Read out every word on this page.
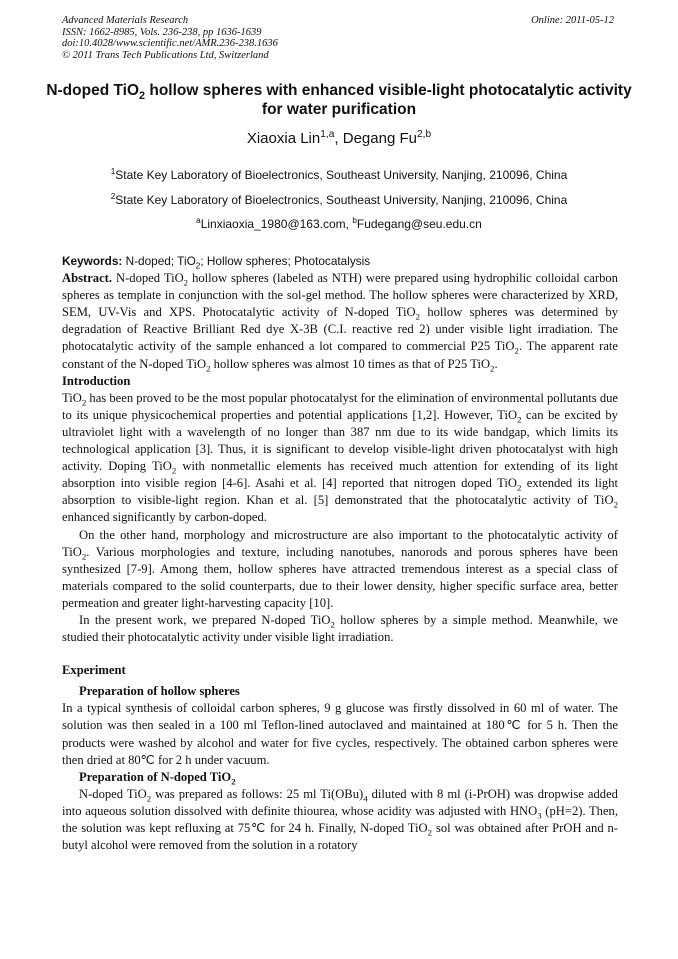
Advanced Materials Research
ISSN: 1662-8985, Vols. 236-238, pp 1636-1639
doi:10.4028/www.scientific.net/AMR.236-238.1636
© 2011 Trans Tech Publications Ltd, Switzerland
Online: 2011-05-12
N-doped TiO$_2$ hollow spheres with enhanced visible-light photocatalytic activity for water purification
Xiaoxia Lin$^{1,a}$, Degang Fu$^{2,b}$
$^1$State Key Laboratory of Bioelectronics, Southeast University, Nanjing, 210096, China
$^2$State Key Laboratory of Bioelectronics, Southeast University, Nanjing, 210096, China
$^a$Linxiaoxia_1980@163.com, $^b$Fudegang@seu.edu.cn

Keywords: N-doped; TiO$_2$; Hollow spheres; Photocatalysis

Abstract. N-doped TiO$_2$ hollow spheres (labeled as NTH) were prepared using hydrophilic colloidal carbon spheres as template in conjunction with the sol-gel method. The hollow spheres were characterized by XRD, SEM, UV-Vis and XPS. Photocatalytic activity of N-doped TiO$_2$ hollow spheres was determined by degradation of Reactive Brilliant Red dye X-3B (C.I. reactive red 2) under visible light irradiation. The photocatalytic activity of the sample enhanced a lot compared to commercial P25 TiO$_2$. The apparent rate constant of the N-doped TiO$_2$ hollow spheres was almost 10 times as that of P25 TiO$_2$.

Introduction

TiO$_2$ has been proved to be the most popular photocatalyst for the elimination of environmental pollutants due to its unique physicochemical properties and potential applications [1,2]. However, TiO$_2$ can be excited by ultraviolet light with a wavelength of no longer than 387 nm due to its wide bandgap, which limits its technological application [3]. Thus, it is significant to develop visible-light driven photocatalyst with high activity. Doping TiO$_2$ with nonmetallic elements has received much attention for extending of its light absorption into visible region [4-6]. Asahi et al. [4] reported that nitrogen doped TiO$_2$ extended its light absorption to visible-light region. Khan et al. [5] demonstrated that the photocatalytic activity of TiO$_2$ enhanced significantly by carbon-doped.

On the other hand, morphology and microstructure are also important to the photocatalytic activity of TiO$_2$. Various morphologies and texture, including nanotubes, nanorods and porous spheres have been synthesized [7-9]. Among them, hollow spheres have attracted tremendous interest as a special class of materials compared to the solid counterparts, due to their lower density, higher specific surface area, better permeation and greater light-harvesting capacity [10].

In the present work, we prepared N-doped TiO$_2$ hollow spheres by a simple method. Meanwhile, we studied their photocatalytic activity under visible light irradiation.

Experiment

Preparation of hollow spheres

In a typical synthesis of colloidal carbon spheres, 9 g glucose was firstly dissolved in 60 ml of water. The solution was then sealed in a 100 ml Teflon-lined autoclaved and maintained at 180℃ for 5 h. Then the products were washed by alcohol and water for five cycles, respectively. The obtained carbon spheres were then dried at 80℃ for 2 h under vacuum.

Preparation of N-doped TiO$_2$

N-doped TiO$_2$ was prepared as follows: 25 ml $Ti(OBu)_4$ diluted with 8 ml (i-PrOH) was dropwise added into aqueous solution dissolved with definite thiourea, whose acidity was adjusted with $HNO_3$ (pH=2). Then, the solution was kept refluxing at 75℃ for 24 h. Finally, N-doped TiO$_2$ sol was obtained after PrOH and n-butyl alcohol were removed from the solution in a rotatory
